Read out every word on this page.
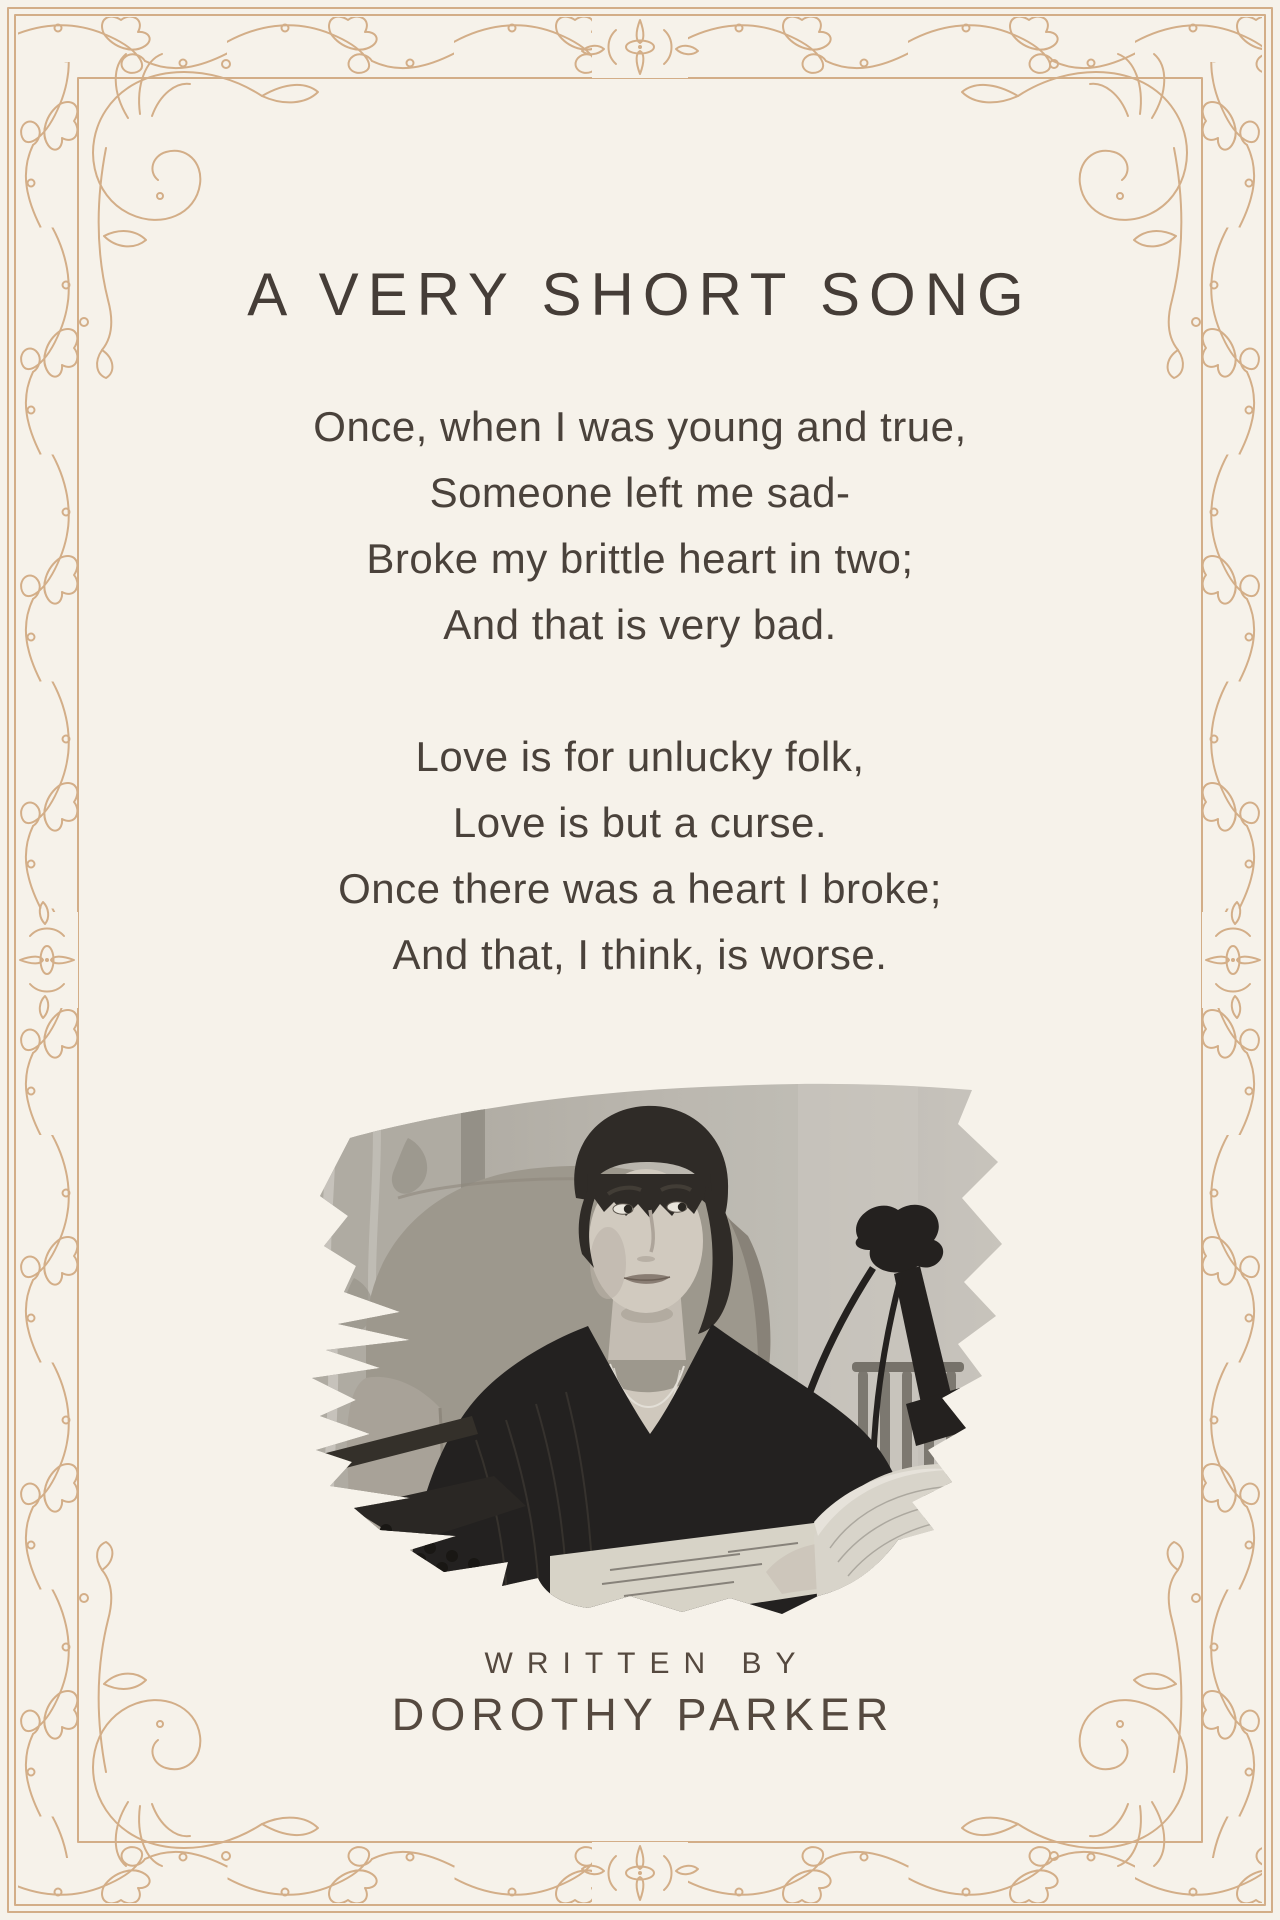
A VERY SHORT SONG
Once, when I was young and true,
Someone left me sad-
Broke my brittle heart in two;
And that is very bad.
Love is for unlucky folk,
Love is but a curse.
Once there was a heart I broke;
And that, I think, is worse.
WRITTEN BY
DOROTHY PARKER
